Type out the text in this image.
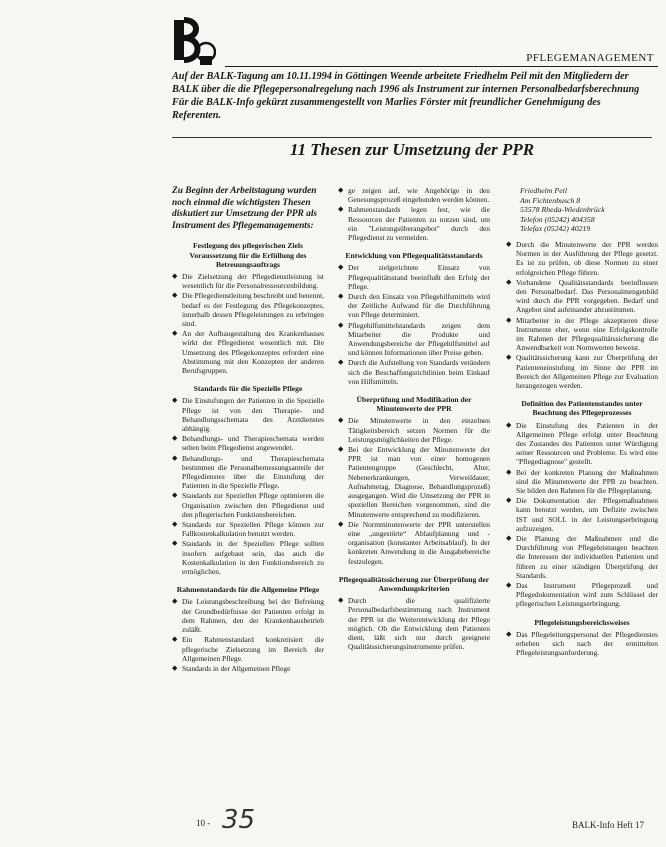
PFLEGEMANAGEMENT
Auf der BALK-Tagung am 10.11.1994 in Göttingen Weende arbeitete Friedhelm Peil mit den Mitgliedern der BALK über die die Pflegepersonalregelung nach 1996 als Instrument zur internen Personalbedarfsberechnung Für die BALK-Info gekürzt zusammengestellt von Marlies Förster mit freundlicher Genehmigung des Referenten.
11 Thesen zur Umsetzung der PPR

Zu Beginn der Arbeitstagung wurden noch einmal die wichtigsten Thesen diskutiert zur Umsetzung der PPR als Instrument des Pflegemanagements:

Festlegung des pflegerischen Ziels Voraussetzung für die Erfüllung des Betreuungsauftrags
◆ Die Zielsetzung der Pflegedienstleistung ist wesentlich für die Personalressourcenbildung.
◆ Die Pflegedienstleitung beschreibt und benennt, bedarf es der Festlegung des Pflegekonzeptes, innerhalb dessen Pflegeleistungen zu erbringen sind.
◆ An der Aufbaugestaltung des Krankenhauses wirkt der Pflegedienst wesentlich mit. Die Umsetzung des Pflegekonzeptes erfordert eine Abstimmung mit den Konzepten der anderen Berufsgruppen.
Standards für die Spezielle Pflege
◆ Die Einstufungen der Patienten in die Spezielle Pflege ist von den Therapie- und Behandlungsschemata des Arztdienstes abhängig.
◆ Behandlungs- und Therapieschemata werden selten beim Pflegedienst angewendet.
◆ Behandlungs- und Therapieschemata bestimmen die Personalbemessungsanteile der Pflegedienstes über die Einstufung der Patienten in die Spezielle Pflege.
◆ Standards zur Speziellen Pflege optimieren die Organisation zwischen den Pflegedienst und den pflegerischen Funktionsbereichen.
◆ Standards zur Speziellen Pflege können zur Fallkostenkalkulation benutzt werden.
◆ Standards in der Speziellen Pflege sollten insofern aufgebaut sein, das auch die Kostenkalkulation in den Funktionsbereich zu ermöglichen.
Rahmenstandards für die Allgemeine Pflege
◆ Die Leistungsbeschreibung bei der Befreiung der Grundbedürfnisse der Patienten erfolgt in dem Rahmen, den der Krankenhausbetrieb zuläßt.
◆ Ein Rahmenstandard konkretisiert die pflegerische Zielsetzung im Bereich der Allgemeinen Pflege.
◆ Standards in der Allgemeinen Pflege
◆ ge zeigen auf, wie Angehörige in den Genesungsprozeß eingebunden werden können.
◆ Rahmenstandards legen fest, wie die Ressourcen der Patienten zu nutzen sind, um ein "Leistungsüberangebot" durch den Pflegedienst zu vermeiden.
Entwicklung von Pflegequalitätsstandards
◆ Der zielgerichtete Einsatz von Pflegequalitätsstand beeinflußt den Erfolg der Pflege.
◆ Durch den Einsatz von Pflegehilfsmitteln wird der Zeitliche Aufwand für die Durchführung von Pflege determiniert.
◆ Pflegehilfsmittelstandards zeigen dem Mitarbeiter die Produkte und Anwendungsbereiche der Pflegehilfsmittel auf und können Informationen über Preise geben.
◆ Durch die Aufstellung von Standards verändern sich die Beschaffungsrichtlinien beim Einkauf von Hilfsmitteln.
Überprüfung und Modifikation der Minutenwerte der PPR
◆ Die Minutenwerte in den einzelnen Tätigkeitsbereich setzen Normen für die Leistungsmöglichkeiten der Pflege.
◆ Bei der Entwicklung der Minutenwerte der PPR ist man von einer homogenen Patientengruppe (Geschlecht, Alter, Nebenerkrankungen, Verweildauer, Aufnahmetag, Diagnose, Behandlungsprozeß) ausgegangen. Wird die Umsetzung der PPR in speziellen Bereichen vorgenommen, sind die Minutenwerte entsprechend zu modifizieren.
◆ Die Normminutenwerte der PPR unterstellen eine „ungestörte“ Ablaufplanung und -organisation (konstanter Arbeitsablauf). In der konkreten Anwendung in die Ausgabebereiche festzulegen.
Pflegequalitätssicherung zur Überprüfung der Anwendungskriterien
◆ Durch die qualifizierte Personalbedarfsbestimmung nach Instrument der PPR ist die Weiterentwicklung der Pflege möglich. Ob die Entwicklung dem Patienten dient, läßt sich nur durch geeignete Qualitätssicherungsinstrumente prüfen.
Friedhelm Peil
Am Fichtenbusch 8
53578 Rheda-Wiedenbrück
Telefon (05242) 404358
Telefax (05242) 40219
◆ Durch die Minutenwerte der PPR werden Normen in der Ausführung der Pflege gesetzt. Es ist zu prüfen, ob diese Normen zu einer erfolgreichen Pflege führen.
◆ Vorhandene Qualitätsstandards beeinflussen den Personalbedarf. Das Personalmengenbild wird durch die PPR vorgegeben. Bedarf und Angebot sind aufeinander abzustimmen.
◆ Mitarbeiter in der Pflege akzeptieren diese Instrumente eher, wenn eine Erfolgskontrolle im Rahmen der Pflegequalitätssicherung die Anwendbarkeit von Normwerten beweist.
◆ Qualitätssicherung kann zur Überprüfung der Patienteneinstufung im Sinne der PPR im Bereich der Allgemeinen Pflege zur Evaluation herangezogen werden.
Definition des Patientenstandes unter Beachtung des Pflegeprozesses
◆ Die Einstufung des Patienten in der Allgemeinen Pflege erfolgt unter Beachtung des Zustandes des Patienten unter Würdigung seiner Ressourcen und Probleme. Es wird eine "Pflegediagnose" gestellt.
◆ Bei der konkreten Planung der Maßnahmen sind die Minutenwerte der PPR zu beachten. Sie bilden den Rahmen für die Pflegeplanung.
◆ Die Dokumentation der Pflegemaßnahmen kann benutzt werden, um Defizite zwischen IST und SOLL in der Leistungserbringung aufzuzeigen.
◆ Die Planung der Maßnahmen und die Durchführung von Pflegeleistungen beachten die Interessen der individuellen Patienten und führen zu einer ständigen Überprüfung der Standards.
◆ Das Instrument Pflegeprozeß und Pflegedokumentation wird zum Schlüssel der pflegerischen Leistungserbringung.
Pflegeleistungsbereichsweises
◆ Das Pflegeleitungspersonal der Pflegedienstes erheben sich nach der ermittelten Pflegeleistungsanforderung.
10 - 35	BALK-Info Heft 17
